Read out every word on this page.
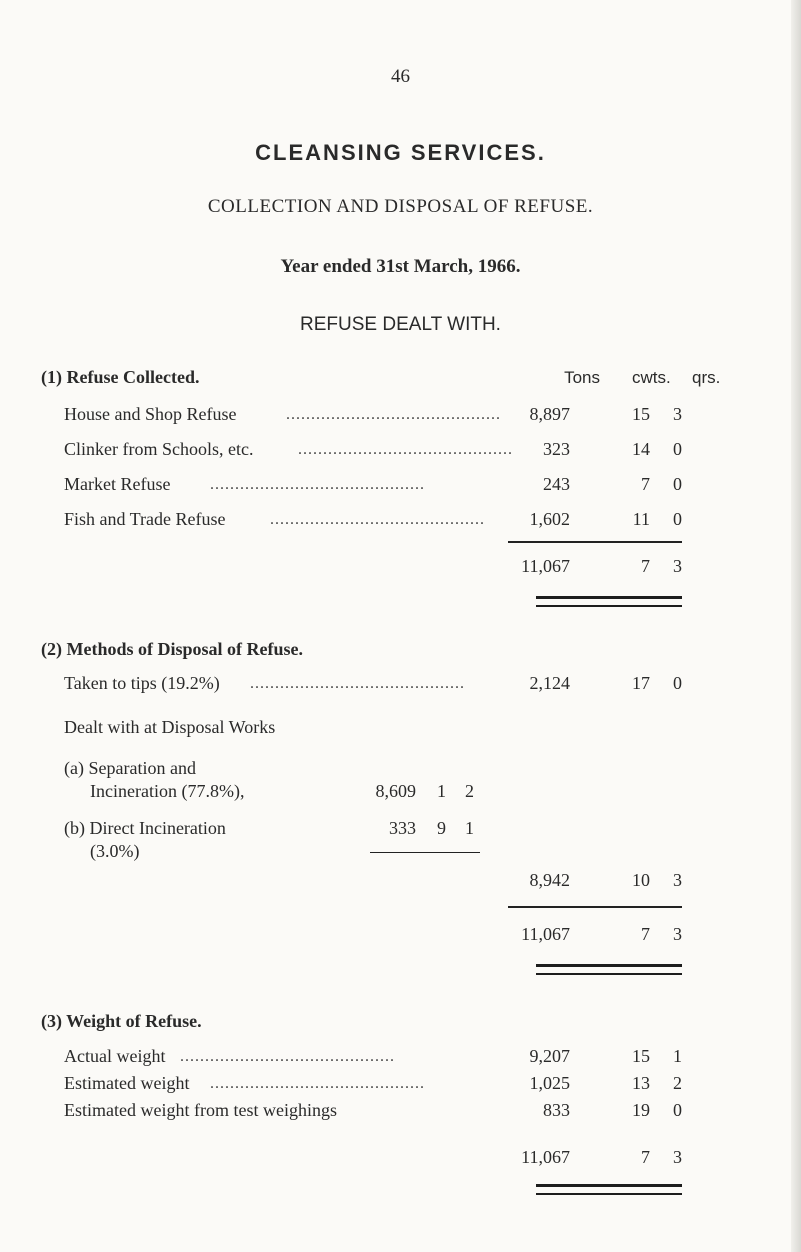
46
CLEANSING SERVICES.
COLLECTION AND DISPOSAL OF REFUSE.
Year ended 31st March, 1966.
REFUSE DEALT WITH.
(1) Refuse Collected.	Tons cwts. qrs.
House and Shop Refuse	...........................................	8,897	15	3
Clinker from Schools, etc.	...........................................	323	14	0
Market Refuse ...........................................	243	7	0
Fish and Trade Refuse	...........................................	1,602	11	0
11,067	7	3
(2) Methods of Disposal of Refuse.
Taken to tips (19.2%) ...........................................	2,124	17	0
Dealt with at Disposal Works
(a) Separation and
Incineration (77.8%),	8,609 1 2
(b) Direct Incineration	333 9 1
(3.0%)
8,942	10	3
11,067	7	3
(3) Weight of Refuse.
Actual weight ...........................................	9,207	15	1
Estimated weight ...........................................	1,025	13	2
Estimated weight from test weighings	833	19	0
11,067	7	3
